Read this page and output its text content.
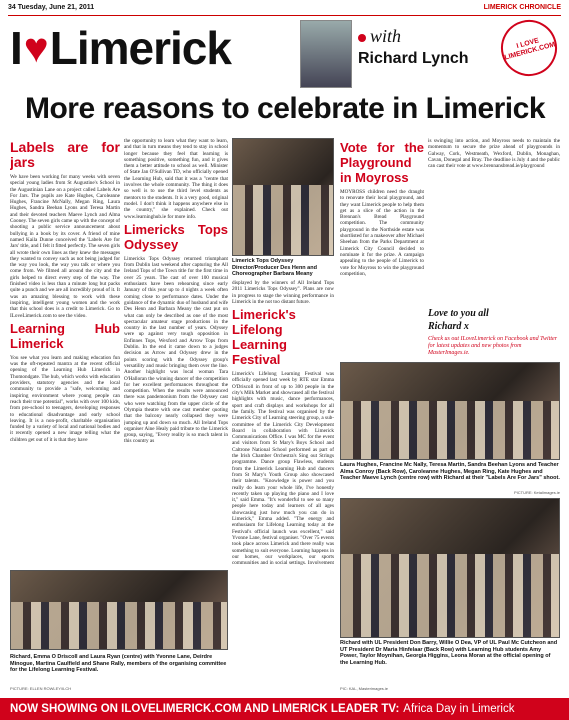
34 Tuesday, June 21, 2011	LIMERICK CHRONICLE
I ♥ Limerick	with
Richard Lynch
I LOVE LIMERICK.COM
More reasons to celebrate in Limerick
Labels are for jars

We have been working for many weeks with seven special young ladies from St Augustine's School in the Augustinian Lane on a project called Labels Are For Jars. The pupils are Kate Hughes, Caroleanne Hughes, Francine McNally, Megan Ring, Laura Hughes, Sandra Beehan Lyons and Teresa Martin and their devoted teachers Maeve Lynch and Alma Cooney. The seven girls came up with the concept of shooting a public service announcement about bullying in a book by its cover. A friend of mine named Kaila Dunne conceived the 'Labels Are for Jars' title, and I felt it fitted perfectly. The seven girls all wrote their own lines as they knew the messages they wanted to convey such as not being judged for the way you look, the way you talk or where you come from. We filmed all around the city and the girls helped to direct every step of the way. The finished video is less than a minute long but packs quite a punch and we are all incredibly proud of it. It was an amazing blessing to work with these inspiring, intelligent young women and the work that this school does is a credit to Limerick. Go to ILoveLimerick.com to see the video.

Learning Hub Limerick

You see what you learn and making education fun was the oft-repeated mantra at the recent official opening of the Learning Hub Limerick in Thomondgate. The hub, which works with education providers, statutory agencies and the local community to provide a "safe, welcoming and inspiring environment where young people can reach their true potential", works with over 100 kids, from pre-school to teenagers, developing responses to educational disadvantage and early school leaving. It is a non-profit, charitable organisation funded by a variety of local and national bodies and it recently opened a new image telling what the children get out of it is that they have

the opportunity to learn what they want to learn, and that in turn means they tend to stay in school longer because they feel that learning is something positive, something fun, and it gives them a better attitude to school as well. Minister of State Jan O'Sullivan TD, who officially opened the Learning Hub, said that it was a "centre that involves the whole community. The thing it does so well is to use the third level students as mentors to the students. It is a very good, original model. I don't think it happens anywhere else in the country," she explained. Check out www.learninghub.ie for more info.

Limericks Tops Odyssey

Limericks Tops Odyssey returned triumphant from Dublin last weekend after capturing the All Ireland Tops of the Town title for the first time in over 25 years. The cast of over 100 musical enthusiasts have been rehearsing since early January of this year up to 4 nights a week often coming close to performance dates. Under the guidance of the dynamic duo of husband and wife Des Henn and Barbara Meany the cast put on what can only be described as one of the most spectacular amateur stage productions in the country in the last number of years. Odyssey were up against very tough opposition in Enfinnes Tops, Wexford and Arrow Tops from Dublin. In the end it came down to a judges decision as Arrow and Odyssey drew in the points scoring with the Odyssey group's versatility and music bringing them over the line. Another highlight was local woman Tara O'Halloran the winning dancer of the competition for her excellent performances throughout the competition. When the results were announced there was pandemonium from the Odyssey cast who were watching from the upper circle of the Olympia theatre with one cast member quoting that the balcony nearly collapsed they were jumping up and down so much. All Ireland Tops organiser Aine Healy paid tribute to the Limerick group, saying, "Every reality is so much talent in this country as

Limerick Tops Odyssey Director/Producer Des Henn and Choreographer Barbara Meany

displayed by the winners of All Ireland Tops 2011 Limericks Tops Odyssey". Plans are now in progress to stage the winning performance in Limerick in the not too distant future.

Limerick's Lifelong Learning Festival

Limerick's Lifelong Learning Festival was officially opened last week by RTE star Emma O'Driscoll in front of up to 300 people in the city's Milk Market and showcased all the festival highlights with music, dance performances, sport and craft displays and workshops for all the family. The festival was organised by the Limerick City of Learning steering group, a sub-committee of the Limerick City Development Board in collaboration with Limerick Communications Office. I was MC for the event and visitors from St Mary's Boys School and Caltrone National School performed as part of the Irish Chamber Orchestra's Sing out Strings programme. Dance group Flawless, students from the Limerick Learning Hub and dancers from St Mary's Youth Group also showcased their talents. "Knowledge is power and you really do learn your whole life, I've honestly recently taken up playing the piano and I love it," said Emma. "It's wonderful to see so many people here today and learners of all ages showcasing just how much you can do in Limerick," Emma added. "The energy and enthusiasm for Lifelong Learning today at the Festival's official launch was excellent," said Yvonne Lane, festival organiser. "Over 75 events took place across Limerick and there really was something to suit everyone. Learning happens in our homes, our workplaces, our sports communities and in social settings. Involvement

Vote for the Playground in Moyross

MOYROSS children need the draught to renovate their local playground, and they want Limerick people to help them get as a slice of the action in the Brennan's Bread Playground competition. The community playground in the Northside estate was shortlisted for a makeover after Michael Sheehan from the Parks Department at Limerick City Council decided to nominate it for the prize. A campaign appealing to the people of Limerick to vote for Moyross to win the playground competition,

is swinging into action, and Moyross needs to maintain the momentum to secure the prize ahead of playgrounds in Galway, Cork, Westmeath, Wexford, Dublin, Monaghan, Cavan, Donegal and Bray. The deadline is July 4 and the public can cast their vote at www.brennansbread.ie/playground

Love to you all
Richard x
Check us out ILoveLimerick on Facebook and Twitter for latest updates and new photos from MasterImages.ie.
Laura Hughes, Francine Mc Nally, Teresa Martin, Sandra Beehan Lyons and Teacher Alma Conroy (Back Row), Caroleanne Hughes, Megan Ring, Kate Hughes and Teacher Maeve Lynch (centre row) with Richard at their "Labels Are For Jars" shoot.
PICTURE: Ketalimages.ie
Richard, Emma O Driscoll and Laura Ryan (centre) with Yvonne Lane, Deirdre Minogue, Martina Caulfield and Shane Rally, members of the organising committee for the Lifelong Learning Festival.
PICTURE: ELLEN ROWLEY/ILCH
Richard with UL President Don Barry, Willie O Dea, VP of UL Paul Mc Cutcheon and UT President Dr Maria Hinfelaar (Back Row) with Learning Hub students Amy Power, Taylor Moynihan, Georgia Higgins, Leona Moran at the official opening of the Learning Hub.
PIC: KAL, Masterimages.ie
NOW SHOWING ON ILOVELIMERICK.COM AND LIMERICK LEADER TV: Africa Day in Limerick
